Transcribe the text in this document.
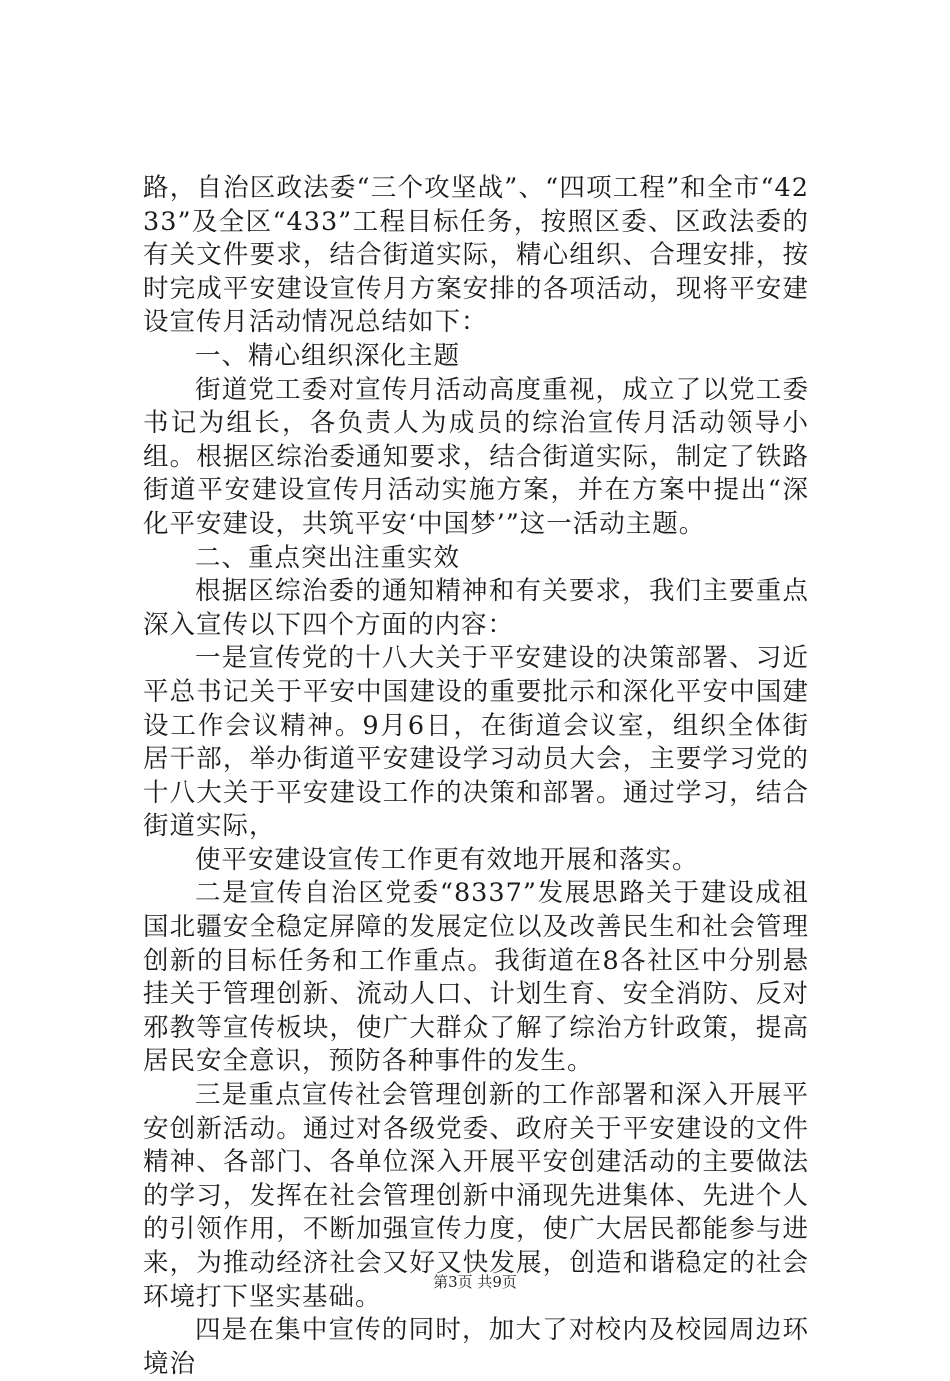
路，自治区政法委“三个攻坚战”、“四项工程”和全市“4233”及全区“433”工程目标任务，按照区委、区政法委的有关文件要求，结合街道实际，精心组织、合理安排，按时完成平安建设宣传月方案安排的各项活动，现将平安建设宣传月活动情况总结如下：

一、精心组织深化主题

街道党工委对宣传月活动高度重视，成立了以党工委书记为组长，各负责人为成员的综治宣传月活动领导小组。根据区综治委通知要求，结合街道实际，制定了铁路街道平安建设宣传月活动实施方案，并在方案中提出“深化平安建设，共筑平安‘中国梦’”这一活动主题。

二、重点突出注重实效

根据区综治委的通知精神和有关要求，我们主要重点深入宣传以下四个方面的内容：

一是宣传党的十八大关于平安建设的决策部署、习近平总书记关于平安中国建设的重要批示和深化平安中国建设工作会议精神。9月6日，在街道会议室，组织全体街居干部，举办街道平安建设学习动员大会，主要学习党的十八大关于平安建设工作的决策和部署。通过学习，结合街道实际，

使平安建设宣传工作更有效地开展和落实。

二是宣传自治区党委“8337”发展思路关于建设成祖国北疆安全稳定屏障的发展定位以及改善民生和社会管理创新的目标任务和工作重点。我街道在8各社区中分别悬挂关于管理创新、流动人口、计划生育、安全消防、反对邪教等宣传板块，使广大群众了解了综治方针政策，提高居民安全意识，预防各种事件的发生。

三是重点宣传社会管理创新的工作部署和深入开展平安创新活动。通过对各级党委、政府关于平安建设的文件精神、各部门、各单位深入开展平安创建活动的主要做法的学习，发挥在社会管理创新中涌现先进集体、先进个人的引领作用，不断加强宣传力度，使广大居民都能参与进来，为推动经济社会又好又快发展，创造和谐稳定的社会环境打下坚实基础。

四是在集中宣传的同时，加大了对校内及校园周边环境治

第3页 共9页
